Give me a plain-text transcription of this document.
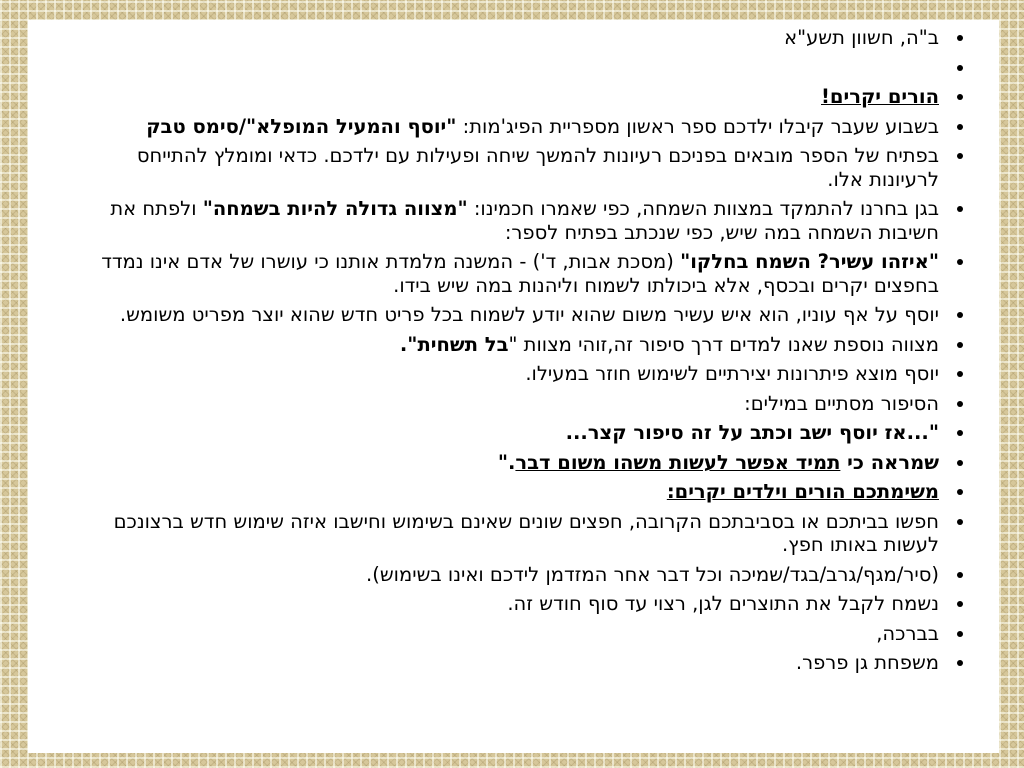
ב"ה, חשוון תשע"א
הורים יקרים!
בשבוע שעבר קיבלו ילדכם ספר ראשון מספריית הפיג'מות: "יוסף והמעיל המופלא"/סימס טבק
בפתיח של הספר מובאים בפניכם רעיונות להמשך שיחה ופעילות עם ילדכם. כדאי ומומלץ להתייחס לרעיונות אלו.
בגן בחרנו להתמקד במצוות השמחה, כפי שאמרו חכמינו: "מצווה גדולה להיות בשמחה" ולפתח את חשיבות השמחה במה שיש, כפי שנכתב בפתיח לספר:
"איזהו עשיר? השמח בחלקו" (מסכת אבות, ד') - המשנה מלמדת אותנו כי עושרו של אדם אינו נמדד בחפצים יקרים ובכסף, אלא ביכולתו לשמוח וליהנות במה שיש בידו.
יוסף על אף עוניו, הוא איש עשיר משום שהוא יודע לשמוח בכל פריט חדש שהוא יוצר מפריט משומש.
מצווה נוספת שאנו למדים דרך סיפור זה,זוהי מצוות "בל תשחית".
יוסף מוצא פיתרונות יצירתיים לשימוש חוזר במעילו.
הסיפור מסתיים במילים:
"...אז יוסף ישב וכתב על זה סיפור קצר...
שמראה כי תמיד אפשר לעשות משהו משום דבר."
משימתכם הורים וילדים יקרים:
חפשו בביתכם או בסביבתכם הקרובה, חפצים שונים שאינם בשימוש וחישבו איזה שימוש חדש ברצונכם לעשות באותו חפץ.
(סיר/מגף/גרב/בגד/שמיכה וכל דבר אחר המזדמן לידכם ואינו בשימוש).
נשמח לקבל את התוצרים לגן, רצוי עד סוף חודש זה.
בברכה,
משפחת גן פרפר.
